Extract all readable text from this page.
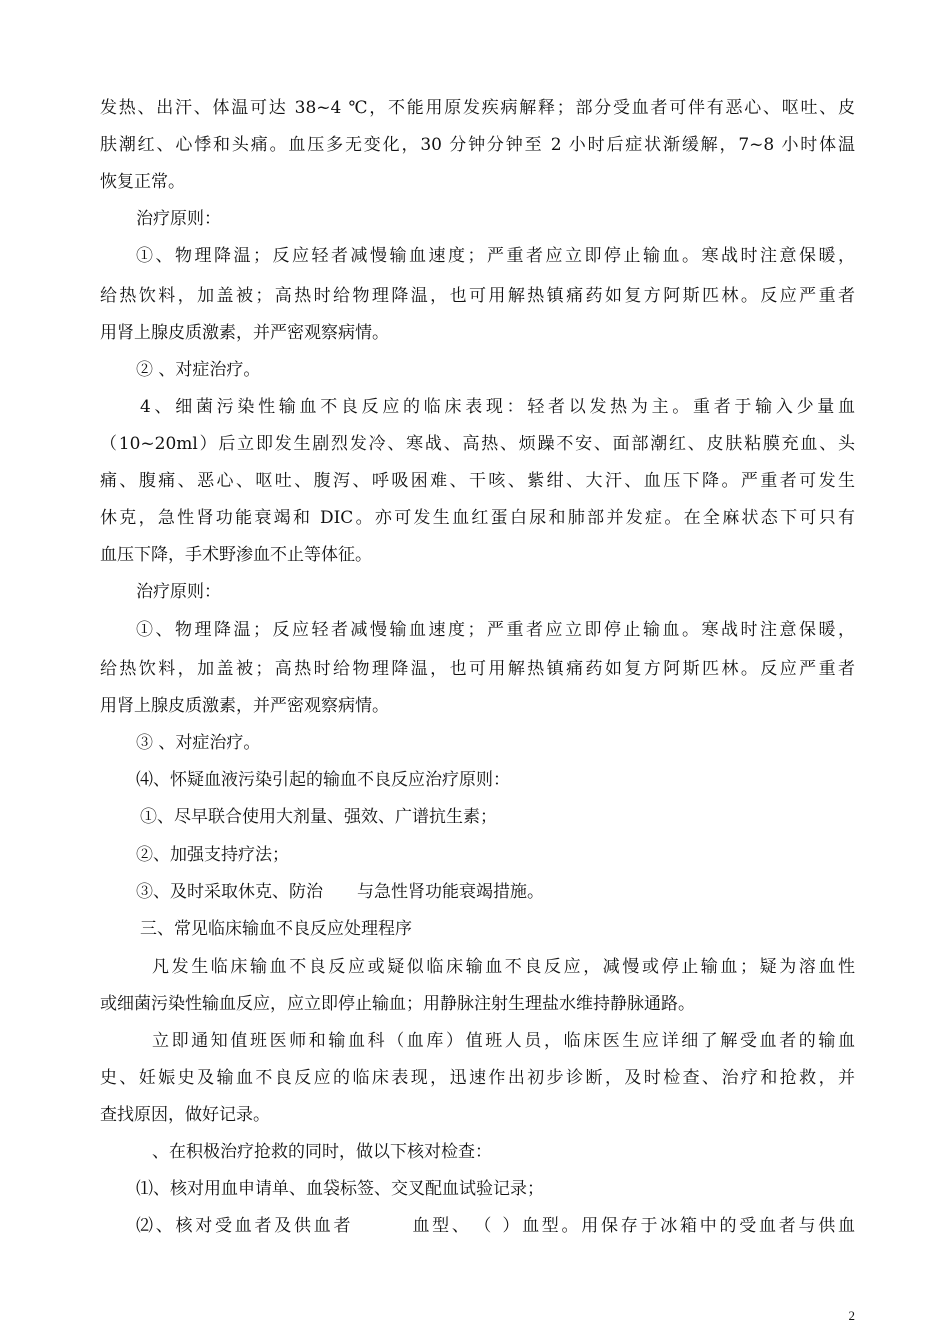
发热、出汗、体温可达 38~4 ℃，不能用原发疾病解释；部分受血者可伴有恶心、呕吐、皮

肤潮红、心悸和头痛。血压多无变化，30 分钟分钟至 2 小时后症状渐缓解，7~8 小时体温

恢复正常。

治疗原则：

①、物理降温；反应轻者减慢输血速度；严重者应立即停止输血。寒战时注意保暖，

给热饮料，加盖被；高热时给物理降温，也可用解热镇痛药如复方阿斯匹林。反应严重者

用肾上腺皮质激素，并严密观察病情。

② 、对症治疗。

4、细菌污染性输血不良反应的临床表现：轻者以发热为主。重者于输入少量血

（10~20ml）后立即发生剧烈发冷、寒战、高热、烦躁不安、面部潮红、皮肤粘膜充血、头

痛、腹痛、恶心、呕吐、腹泻、呼吸困难、干咳、紫绀、大汗、血压下降。严重者可发生

休克，急性肾功能衰竭和 DIC。亦可发生血红蛋白尿和肺部并发症。在全麻状态下可只有

血压下降，手术野渗血不止等体征。

治疗原则：

①、物理降温；反应轻者减慢输血速度；严重者应立即停止输血。寒战时注意保暖，

给热饮料，加盖被；高热时给物理降温，也可用解热镇痛药如复方阿斯匹林。反应严重者

用肾上腺皮质激素，并严密观察病情。

③ 、对症治疗。

⑷、怀疑血液污染引起的输血不良反应治疗原则：

①、尽早联合使用大剂量、强效、广谱抗生素；

②、加强支持疗法；

③、及时采取休克、防治　　与急性肾功能衰竭措施。

三、常见临床输血不良反应处理程序

凡发生临床输血不良反应或疑似临床输血不良反应，减慢或停止输血；疑为溶血性

或细菌污染性输血反应，应立即停止输血；用静脉注射生理盐水维持静脉通路。

立即通知值班医师和输血科（血库）值班人员，临床医生应详细了解受血者的输血

史、妊娠史及输血不良反应的临床表现，迅速作出初步诊断，及时检查、治疗和抢救，并

查找原因，做好记录。

、在积极治疗抢救的同时，做以下核对检查：

⑴、核对用血申请单、血袋标签、交叉配血试验记录；

⑵、核对受血者及供血者　　　血型、　（ ）血型。用保存于冰箱中的受血者与供血

2
